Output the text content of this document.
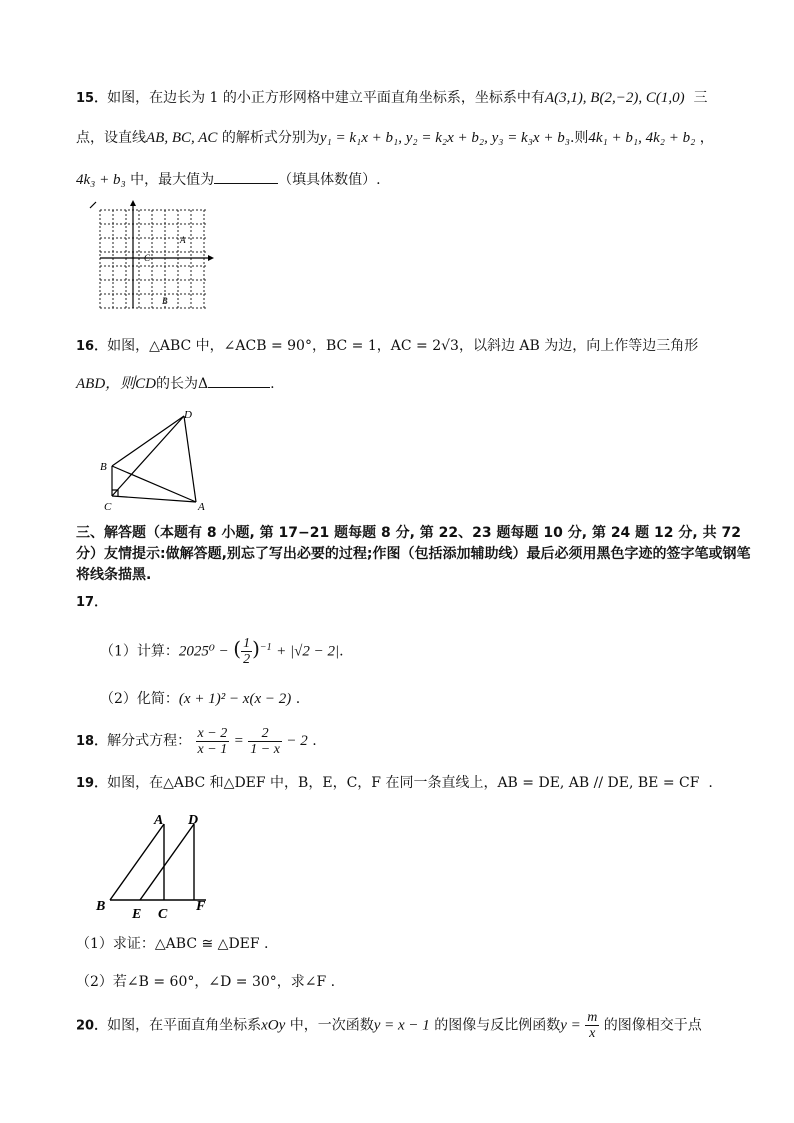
15．如图，在边长为 1 的小正方形网格中建立平面直角坐标系，坐标系中有A(3,1), B(2,−2), C(1,0) 三
点，设直线AB, BC, AC 的解析式分别为y₁ = k₁x + b₁, y₂ = k₂x + b₂, y₃ = k₃x + b₃.则4k₁ + b₁, 4k₂ + b₂ ，
4k₃ + b₃ 中，最大值为	（填具体数值）.
A
C
B
16．如图，△ABC 中，∠ACB = 90°，BC = 1，AC = 2√3，以斜边 AB 为边，向上作等边三角形
ABD，则CD的长为Δ	.
D
B
C	A
三、解答题（本题有 8 小题, 第 17−21 题每题 8 分, 第 22、23 题每题 10 分, 第 24 题 12 分, 共 72 分）友情提示:做解答题,别忘了写出必要的过程;作图（包括添加辅助线）最后必须用黑色字迹的签字笔或钢笔将线条描黑.
17．
（1）计算：2025⁰ − ( $\frac{1}{2} )^{-1} + |√2 - 2|$.
（2）化简：(x + 1)² − x(x − 2) .
18．解分式方程： $\frac{x - 2}{x - 1} = \frac{2}{1 - x} - 2$ .
19．如图，在△ABC 和△DEF 中，B，E，C，F 在同一条直线上，AB = DE, AB // DE, BE = CF .
A D
B
E C
F
（1）求证：△ABC ≅ △DEF .
（2）若∠B = 60°，∠D = 30°，求∠F .
20．如图，在平面直角坐标系xOy 中，一次函数y = x − 1 的图像与反比例函数$y = \frac{m}{x}$ 的图像相交于点
